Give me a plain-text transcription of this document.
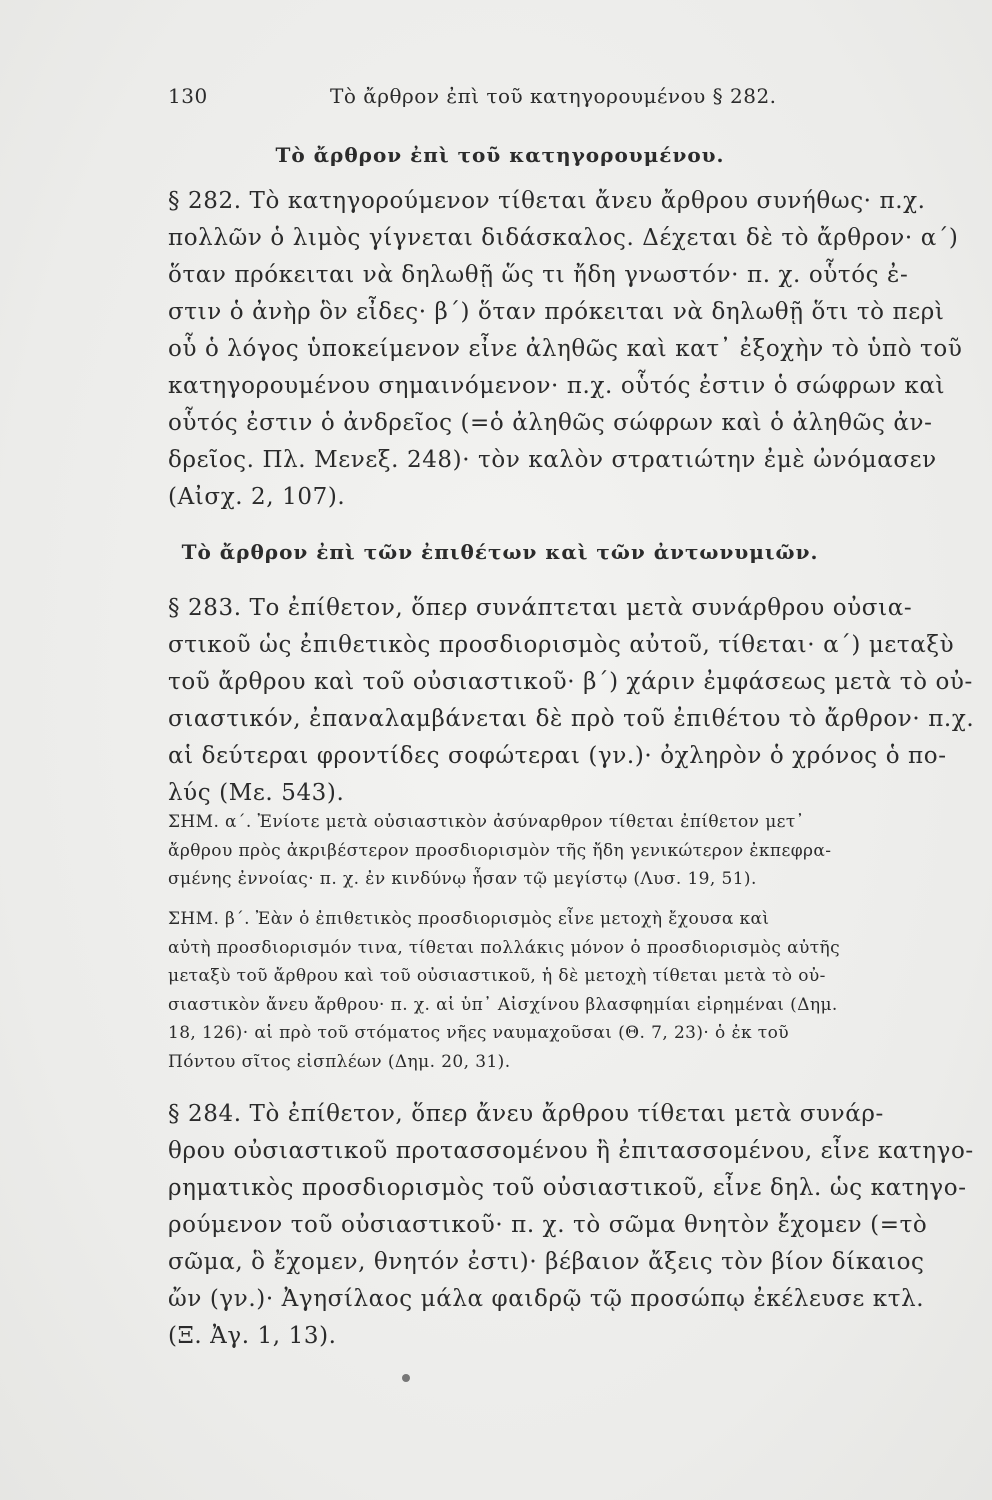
130	Τὸ ἄρθρον ἐπὶ τοῦ κατηγορουμένου § 282.
Τὸ ἄρθρον ἐπὶ τοῦ κατηγορουμένου.
§ 282. Τὸ κατηγορούμενον τίθεται ἄνευ ἄρθρου συνήθως· π.χ.
πολλῶν ὁ λιμὸς γίγνεται διδάσκαλος. Δέχεται δὲ τὸ ἄρθρον· α΄)
ὅταν πρόκειται νὰ δηλωθῇ ὥς τι ἤδη γνωστόν· π. χ. οὗτός ἐ-
στιν ὁ ἀνὴρ ὃν εἶδες· β΄) ὅταν πρόκειται νὰ δηλωθῇ ὅτι τὸ περὶ
οὗ ὁ λόγος ὑποκείμενον εἶνε ἀληθῶς καὶ κατ᾽ ἐξοχὴν τὸ ὑπὸ τοῦ
κατηγορουμένου σημαινόμενον· π.χ. οὗτός ἐστιν ὁ σώφρων καὶ
οὗτός ἐστιν ὁ ἀνδρεῖος (=ὁ ἀληθῶς σώφρων καὶ ὁ ἀληθῶς ἀν-
δρεῖος. Πλ. Μενεξ. 248)· τὸν καλὸν στρατιώτην ἐμὲ ὠνόμασεν
(Αἰσχ. 2, 107).
Τὸ ἄρθρον ἐπὶ τῶν ἐπιθέτων καὶ τῶν ἀντωνυμιῶν.
§ 283. Το ἐπίθετον, ὅπερ συνάπτεται μετὰ συνάρθρου οὐσια-
στικοῦ ὡς ἐπιθετικὸς προσδιορισμὸς αὐτοῦ, τίθεται· α΄) μεταξὺ
τοῦ ἄρθρου καὶ τοῦ οὐσιαστικοῦ· β΄) χάριν ἐμφάσεως μετὰ τὸ οὐ-
σιαστικόν, ἐπαναλαμβάνεται δὲ πρὸ τοῦ ἐπιθέτου τὸ ἄρθρον· π.χ.
αἱ δεύτεραι φροντίδες σοφώτεραι (γν.)· ὀχληρὸν ὁ χρόνος ὁ πο-
λύς (Με. 543).
ΣΗΜ. α΄. Ἐνίοτε μετὰ οὐσιαστικὸν ἀσύναρθρον τίθεται ἐπίθετον μετ᾽
ἄρθρου πρὸς ἀκριβέστερον προσδιορισμὸν τῆς ἤδη γενικώτερον ἐκπεφρα-
σμένης ἐννοίας· π. χ. ἐν κινδύνῳ ἦσαν τῷ μεγίστῳ (Λυσ. 19, 51).
ΣΗΜ. β΄. Ἐὰν ὁ ἐπιθετικὸς προσδιορισμὸς εἶνε μετοχὴ ἔχουσα καὶ
αὐτὴ προσδιορισμόν τινα, τίθεται πολλάκις μόνον ὁ προσδιορισμὸς αὐτῆς
μεταξὺ τοῦ ἄρθρου καὶ τοῦ οὐσιαστικοῦ, ἡ δὲ μετοχὴ τίθεται μετὰ τὸ οὐ-
σιαστικὸν ἄνευ ἄρθρου· π. χ. αἱ ὑπ᾽ Αἰσχίνου βλασφημίαι εἰρημέναι (Δημ.
18, 126)· αἱ πρὸ τοῦ στόματος νῆες ναυμαχοῦσαι (Θ. 7, 23)· ὁ ἐκ τοῦ
Πόντου σῖτος εἰσπλέων (Δημ. 20, 31).
§ 284. Τὸ ἐπίθετον, ὅπερ ἄνευ ἄρθρου τίθεται μετὰ συνάρ-
θρου οὐσιαστικοῦ προτασσομένου ἢ ἐπιτασσομένου, εἶνε κατηγο-
ρηματικὸς προσδιορισμὸς τοῦ οὐσιαστικοῦ, εἶνε δηλ. ὡς κατηγο-
ρούμενον τοῦ οὐσιαστικοῦ· π. χ. τὸ σῶμα θνητὸν ἔχομεν (=τὸ
σῶμα, ὃ ἔχομεν, θνητόν ἐστι)· βέβαιον ἄξεις τὸν βίον δίκαιος
ὤν (γν.)· Ἀγησίλαος μάλα φαιδρῷ τῷ προσώπῳ ἐκέλευσε κτλ.
(Ξ. Ἀγ. 1, 13).
